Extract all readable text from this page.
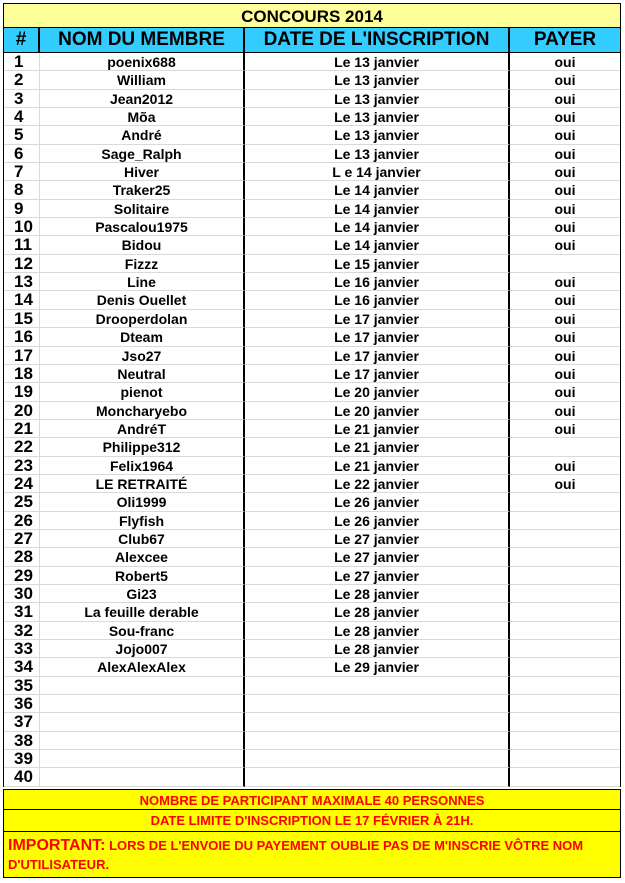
CONCOURS 2014
#	NOM DU MEMBRE	DATE DE L'INSCRIPTION	PAYER
1	poenix688	Le 13 janvier	oui
2	William	Le 13 janvier	oui
3	Jean2012	Le 13 janvier	oui
4	Mõa	Le 13 janvier	oui
5	André	Le 13 janvier	oui
6	Sage_Ralph	Le 13 janvier	oui
7	Hiver	L e 14 janvier	oui
8	Traker25	Le 14 janvier	oui
9	Solitaire	Le 14 janvier	oui
10	Pascalou1975	Le 14 janvier	oui
11	Bidou	Le 14 janvier	oui
12	Fizzz	Le 15 janvier
13	Line	Le 16 janvier	oui
14	Denis Ouellet	Le 16 janvier	oui
15	Drooperdolan	Le 17 janvier	oui
16	Dteam	Le 17 janvier	oui
17	Jso27	Le 17 janvier	oui
18	Neutral	Le 17 janvier	oui
19	pienot	Le 20 janvier	oui
20	Moncharyebo	Le 20 janvier	oui
21	AndréT	Le 21 janvier	oui
22	Philippe312	Le 21 janvier
23	Felix1964	Le 21 janvier	oui
24	LE RETRAITÉ	Le 22 janvier	oui
25	Oli1999	Le 26 janvier
26	Flyfish	Le 26 janvier
27	Club67	Le 27 janvier
28	Alexcee	Le 27 janvier
29	Robert5	Le 27 janvier
30	Gi23	Le 28 janvier
31	La feuille derable	Le 28 janvier
32	Sou-franc	Le 28 janvier
33	Jojo007	Le 28 janvier
34	AlexAlexAlex	Le 29 janvier
35
36
37
38
39
40
NOMBRE DE PARTICIPANT MAXIMALE 40 PERSONNES
DATE LIMITE D'INSCRIPTION LE 17 FÉVRIER À 21H.
IMPORTANT: LORS DE L'ENVOIE DU PAYEMENT OUBLIE PAS DE M'INSCRIE VÔTRE NOM D'UTILISATEUR.
